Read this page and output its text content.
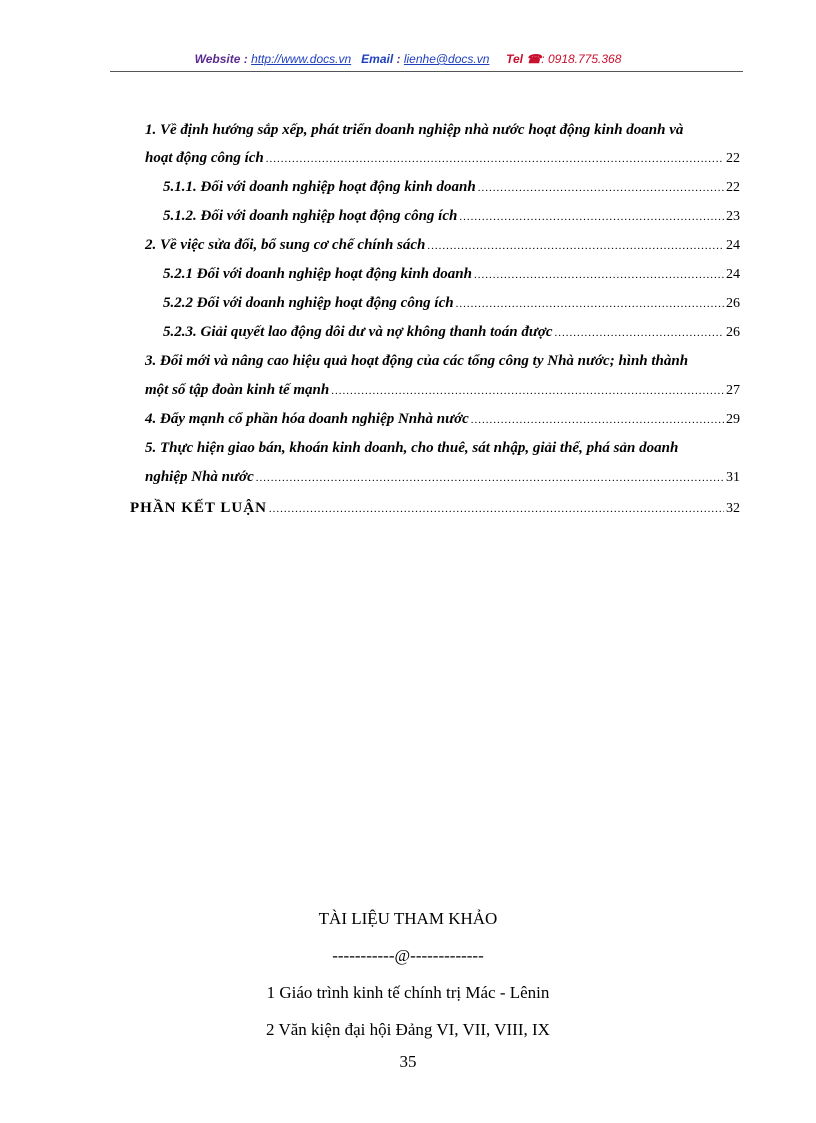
Website : http://www.docs.vn Email : lienhe@docs.vn Tel ☎: 0918.775.368
1. Về định hướng sắp xếp, phát triển doanh nghiệp nhà nước hoạt động kinh doanh và
hoạt động công ích .....	22
5.1.1. Đối với doanh nghiệp hoạt động kinh doanh .....	22
5.1.2. Đối với doanh nghiệp hoạt động công ích .....	23
2. Về việc sửa đổi, bổ sung cơ chế chính sách .....	24
5.2.1 Đối với doanh nghiệp hoạt động kinh doanh .....	24
5.2.2 Đối với doanh nghiệp hoạt động công ích .....	26
5.2.3. Giải quyết lao động dôi dư và nợ không thanh toán được .....	26
3. Đổi mới và nâng cao hiệu quả hoạt động của các tổng công ty Nhà nước; hình thành
một số tập đoàn kinh tế mạnh .....	27
4. Đẩy mạnh cổ phần hóa doanh nghiệp Nnhà nước .....	29
5. Thực hiện giao bán, khoán kinh doanh, cho thuê, sát nhập, giải thể, phá sản doanh
nghiệp Nhà nước .....	31
PHẦN KẾT LUẬN .....	32
TÀI LIỆU THAM KHẢO
-----------@-------------
1 Giáo trình kinh tế chính trị Mác - Lênin
2 Văn kiện đại hội Đảng VI, VII, VIII, IX
35
